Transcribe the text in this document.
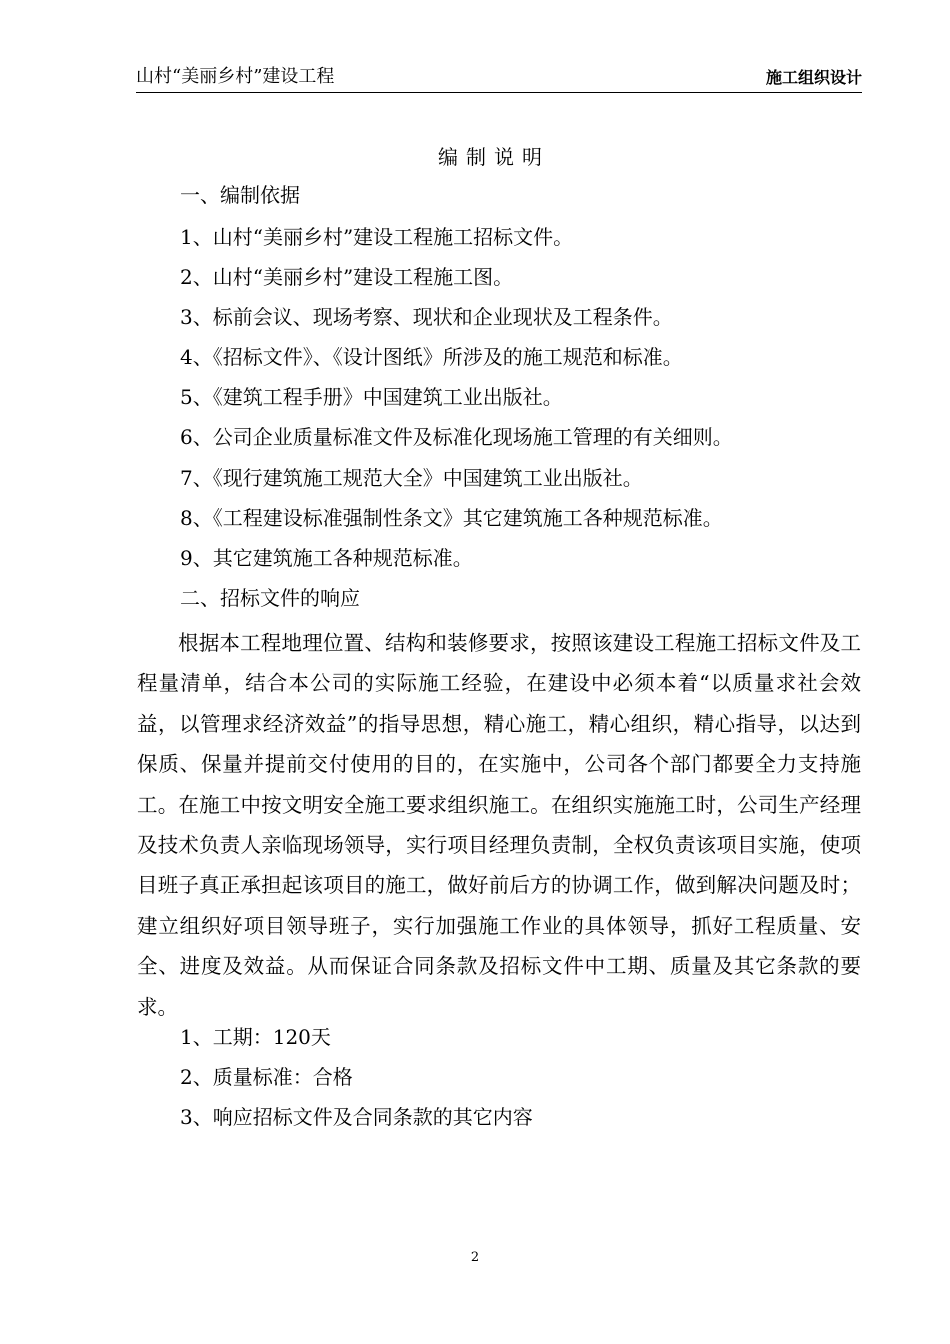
山村“美丽乡村”建设工程	施工组织设计
编制说明
一、编制依据
1、山村“美丽乡村”建设工程施工招标文件。
2、山村“美丽乡村”建设工程施工图。
3、标前会议、现场考察、现状和企业现状及工程条件。
4、《招标文件》、《设计图纸》所涉及的施工规范和标准。
5、《建筑工程手册》中国建筑工业出版社。
6、公司企业质量标准文件及标准化现场施工管理的有关细则。
7、《现行建筑施工规范大全》中国建筑工业出版社。
8、《工程建设标准强制性条文》其它建筑施工各种规范标准。
9、其它建筑施工各种规范标准。
二、招标文件的响应

根据本工程地理位置、结构和装修要求，按照该建设工程施工招标文件及工程量清单，结合本公司的实际施工经验，在建设中必须本着“以质量求社会效益，以管理求经济效益”的指导思想，精心施工，精心组织，精心指导，以达到保质、保量并提前交付使用的目的，在实施中，公司各个部门都要全力支持施工。在施工中按文明安全施工要求组织施工。在组织实施施工时，公司生产经理及技术负责人亲临现场领导，实行项目经理负责制，全权负责该项目实施，使项目班子真正承担起该项目的施工，做好前后方的协调工作，做到解决问题及时；建立组织好项目领导班子，实行加强施工作业的具体领导，抓好工程质量、安全、进度及效益。从而保证合同条款及招标文件中工期、质量及其它条款的要求。

1、工期：120天
2、质量标准：合格
3、响应招标文件及合同条款的其它内容
2
